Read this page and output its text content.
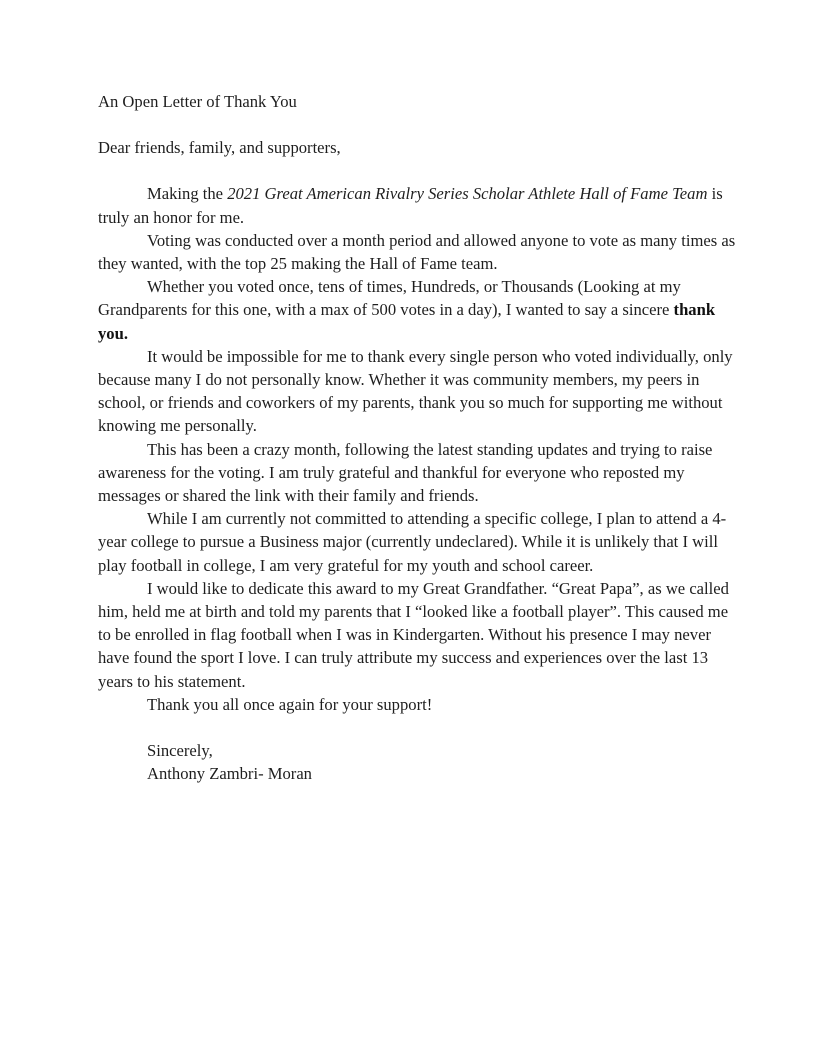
An Open Letter of Thank You

Dear friends, family, and supporters,

Making the 2021 Great American Rivalry Series Scholar Athlete Hall of Fame Team is truly an honor for me.

Voting was conducted over a month period and allowed anyone to vote as many times as they wanted, with the top 25 making the Hall of Fame team.

Whether you voted once, tens of times, Hundreds, or Thousands (Looking at my Grandparents for this one, with a max of 500 votes in a day), I wanted to say a sincere thank you.

It would be impossible for me to thank every single person who voted individually, only because many I do not personally know. Whether it was community members, my peers in school, or friends and coworkers of my parents, thank you so much for supporting me without knowing me personally.

This has been a crazy month, following the latest standing updates and trying to raise awareness for the voting. I am truly grateful and thankful for everyone who reposted my messages or shared the link with their family and friends.

While I am currently not committed to attending a specific college, I plan to attend a 4-year college to pursue a Business major (currently undeclared). While it is unlikely that I will play football in college, I am very grateful for my youth and school career.

I would like to dedicate this award to my Great Grandfather. “Great Papa”, as we called him, held me at birth and told my parents that I “looked like a football player”. This caused me to be enrolled in flag football when I was in Kindergarten. Without his presence I may never have found the sport I love. I can truly attribute my success and experiences over the last 13 years to his statement.

Thank you all once again for your support!

Sincerely,
Anthony Zambri- Moran
